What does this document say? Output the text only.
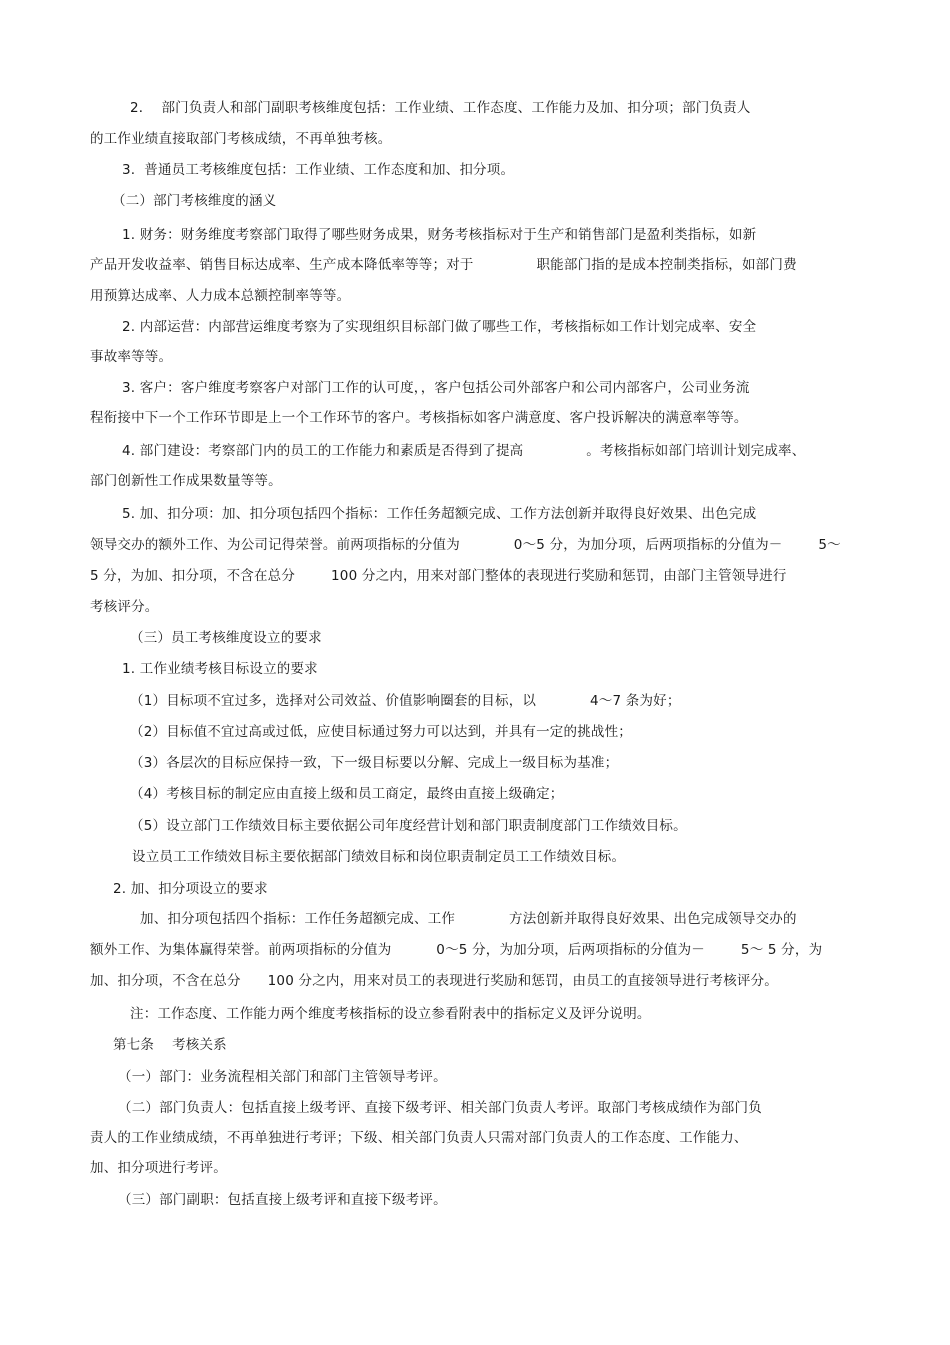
2．  部门负责人和部门副职考核维度包括：工作业绩、工作态度、工作能力及加、扣分项；部门负责人
的工作业绩直接取部门考核成绩，不再单独考核。
3.  普通员工考核维度包括：工作业绩、工作态度和加、扣分项。
（二）部门考核维度的涵义
1. 财务：财务维度考察部门取得了哪些财务成果，财务考核指标对于生产和销售部门是盈利类指标，如新
产品开发收益率、销售目标达成率、生产成本降低率等等；对于              职能部门指的是成本控制类指标，如部门费
用预算达成率、人力成本总额控制率等等。
2. 内部运营：内部营运维度考察为了实现组织目标部门做了哪些工作，考核指标如工作计划完成率、安全
事故率等等。
3. 客户：客户维度考察客户对部门工作的认可度，，客户包括公司外部客户和公司内部客户，公司业务流
程衔接中下一个工作环节即是上一个工作环节的客户。考核指标如客户满意度、客户投诉解决的满意率等等。
4. 部门建设：考察部门内的员工的工作能力和素质是否得到了提高              。考核指标如部门培训计划完成率、
部门创新性工作成果数量等等。
5. 加、扣分项：加、扣分项包括四个指标：工作任务超额完成、工作方法创新并取得良好效果、出色完成
领导交办的额外工作、为公司记得荣誉。前两项指标的分值为            0～5 分，为加分项，后两项指标的分值为－        5～
5 分，为加、扣分项，不含在总分        100 分之内，用来对部门整体的表现进行奖励和惩罚，由部门主管领导进行
考核评分。
（三）员工考核维度设立的要求
1. 工作业绩考核目标设立的要求
（1）目标项不宜过多，选择对公司效益、价值影响圈套的目标，以            4～7 条为好；
（2）目标值不宜过高或过低，应使目标通过努力可以达到，并具有一定的挑战性；
（3）各层次的目标应保持一致，下一级目标要以分解、完成上一级目标为基准；
（4）考核目标的制定应由直接上级和员工商定，最终由直接上级确定；
（5）设立部门工作绩效目标主要依据公司年度经营计划和部门职责制度部门工作绩效目标。
设立员工工作绩效目标主要依据部门绩效目标和岗位职责制定员工工作绩效目标。
2. 加、扣分项设立的要求
加、扣分项包括四个指标：工作任务超额完成、工作            方法创新并取得良好效果、出色完成领导交办的
额外工作、为集体赢得荣誉。前两项指标的分值为          0～5 分，为加分项，后两项指标的分值为－        5～ 5 分，为
加、扣分项，不含在总分      100 分之内，用来对员工的表现进行奖励和惩罚，由员工的直接领导进行考核评分。
注：工作态度、工作能力两个维度考核指标的设立参看附表中的指标定义及评分说明。
第七条    考核关系
（一）部门：业务流程相关部门和部门主管领导考评。
（二）部门负责人：包括直接上级考评、直接下级考评、相关部门负责人考评。取部门考核成绩作为部门负
责人的工作业绩成绩，不再单独进行考评；下级、相关部门负责人只需对部门负责人的工作态度、工作能力、
加、扣分项进行考评。
（三）部门副职：包括直接上级考评和直接下级考评。
